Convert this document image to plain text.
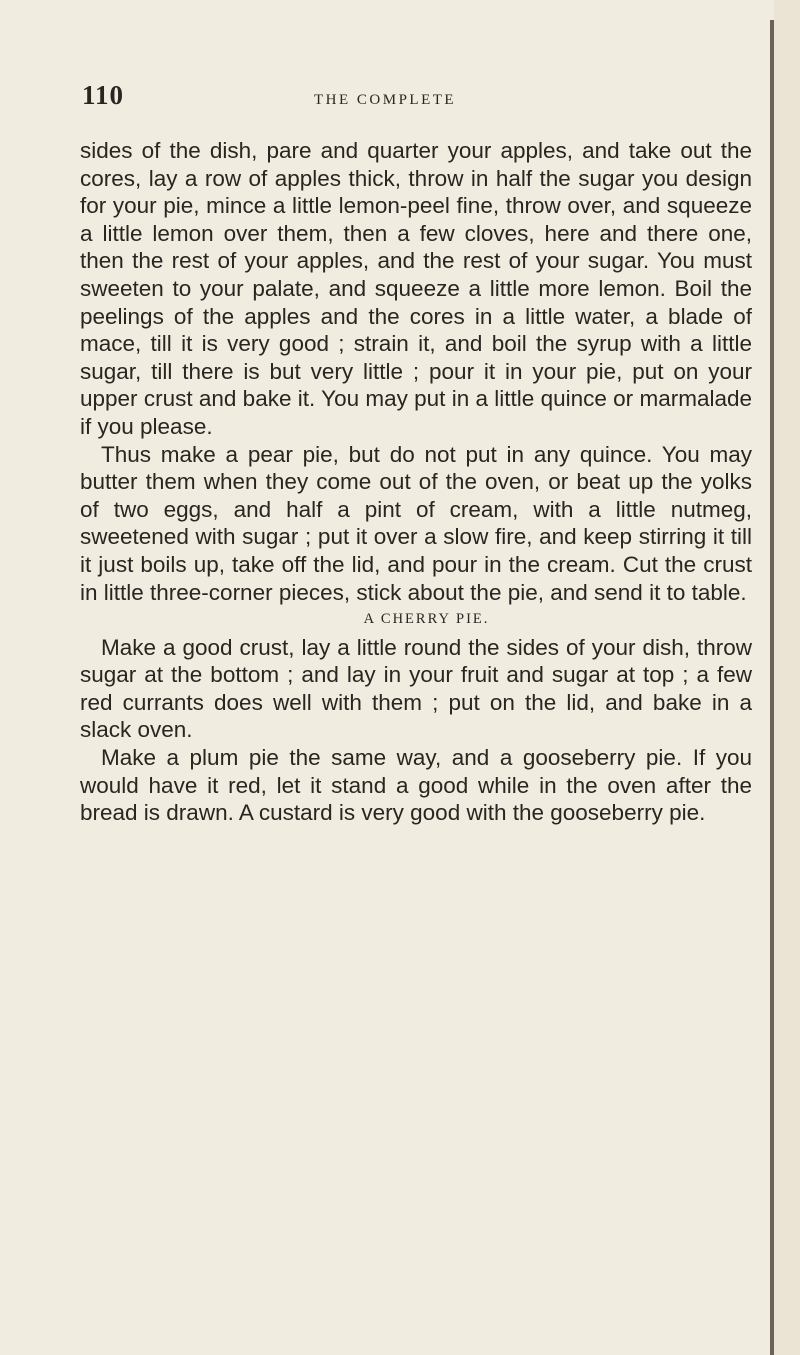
110	THE COMPLETE

sides of the dish, pare and quarter your apples, and take out the cores, lay a row of apples thick, throw in half the sugar you design for your pie, mince a little lemon-peel fine, throw over, and squeeze a little lemon over them, then a few cloves, here and there one, then the rest of your apples, and the rest of your sugar. You must sweeten to your palate, and squeeze a little more lemon. Boil the peelings of the apples and the cores in a little water, a blade of mace, till it is very good ; strain it, and boil the syrup with a little sugar, till there is but very little ; pour it in your pie, put on your upper crust and bake it. You may put in a little quince or marmalade if you please.

Thus make a pear pie, but do not put in any quince. You may butter them when they come out of the oven, or beat up the yolks of two eggs, and half a pint of cream, with a little nutmeg, sweetened with sugar ; put it over a slow fire, and keep stirring it till it just boils up, take off the lid, and pour in the cream. Cut the crust in little three-corner pieces, stick about the pie, and send it to table.

A CHERRY PIE.

Make a good crust, lay a little round the sides of your dish, throw sugar at the bottom ; and lay in your fruit and sugar at top ; a few red currants does well with them ; put on the lid, and bake in a slack oven.

Make a plum pie the same way, and a gooseberry pie. If you would have it red, let it stand a good while in the oven after the bread is drawn. A custard is very good with the gooseberry pie.
